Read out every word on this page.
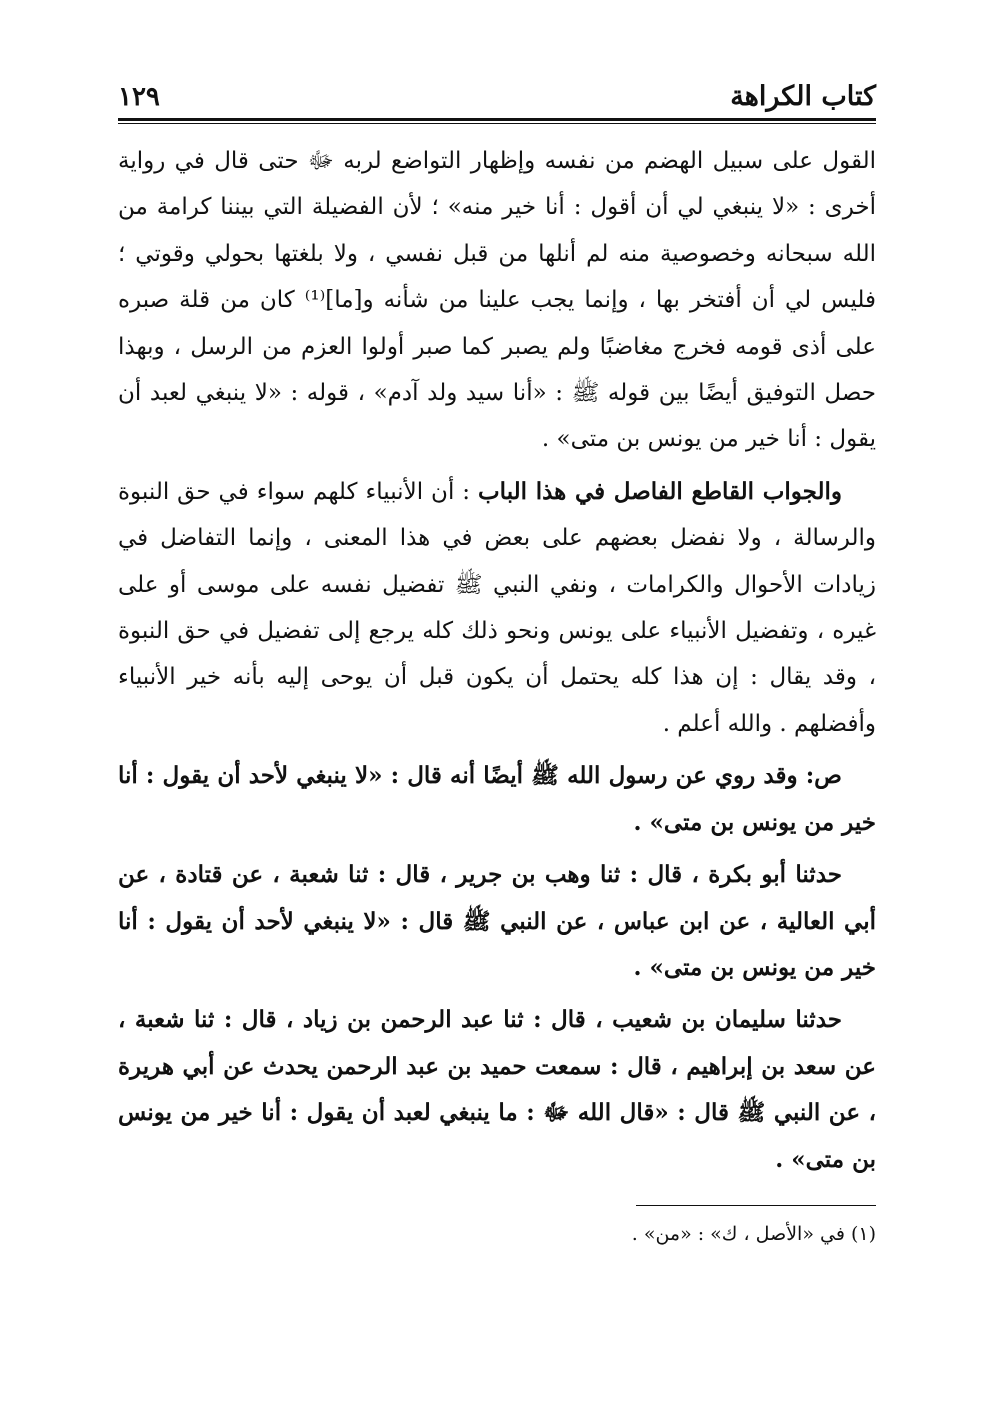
كتاب الكراهة
١٢٩

القول على سبيل الهضم من نفسه وإظهار التواضع لربه ﷻ حتى قال في رواية أخرى : «لا ينبغي لي أن أقول : أنا خير منه» ؛ لأن الفضيلة التي بيننا كرامة من الله سبحانه وخصوصية منه لم أنلها من قبل نفسي ، ولا بلغتها بحولي وقوتي ؛ فليس لي أن أفتخر بها ، وإنما يجب علينا من شأنه و[ما]⁽¹⁾ كان من قلة صبره على أذى قومه فخرج مغاضبًا ولم يصبر كما صبر أولوا العزم من الرسل ، وبهذا حصل التوفيق أيضًا بين قوله ﷺ : «أنا سيد ولد آدم» ، قوله : «لا ينبغي لعبد أن يقول : أنا خير من يونس بن متى» .

والجواب القاطع الفاصل في هذا الباب : أن الأنبياء كلهم سواء في حق النبوة والرسالة ، ولا نفضل بعضهم على بعض في هذا المعنى ، وإنما التفاضل في زيادات الأحوال والكرامات ، ونفي النبي ﷺ تفضيل نفسه على موسى أو على غيره ، وتفضيل الأنبياء على يونس ونحو ذلك كله يرجع إلى تفضيل في حق النبوة ، وقد يقال : إن هذا كله يحتمل أن يكون قبل أن يوحى إليه بأنه خير الأنبياء وأفضلهم . والله أعلم .

ص: وقد روي عن رسول الله ﷺ أيضًا أنه قال : «لا ينبغي لأحد أن يقول : أنا خير من يونس بن متى» .

حدثنا أبو بكرة ، قال : ثنا وهب بن جرير ، قال : ثنا شعبة ، عن قتادة ، عن أبي العالية ، عن ابن عباس ، عن النبي ﷺ قال : «لا ينبغي لأحد أن يقول : أنا خير من يونس بن متى» .

حدثنا سليمان بن شعيب ، قال : ثنا عبد الرحمن بن زياد ، قال : ثنا شعبة ، عن سعد بن إبراهيم ، قال : سمعت حميد بن عبد الرحمن يحدث عن أبي هريرة ، عن النبي ﷺ قال : «قال الله ﷻ : ما ينبغي لعبد أن يقول : أنا خير من يونس بن متى» .

(١) في «الأصل ، ك» : «من» .
